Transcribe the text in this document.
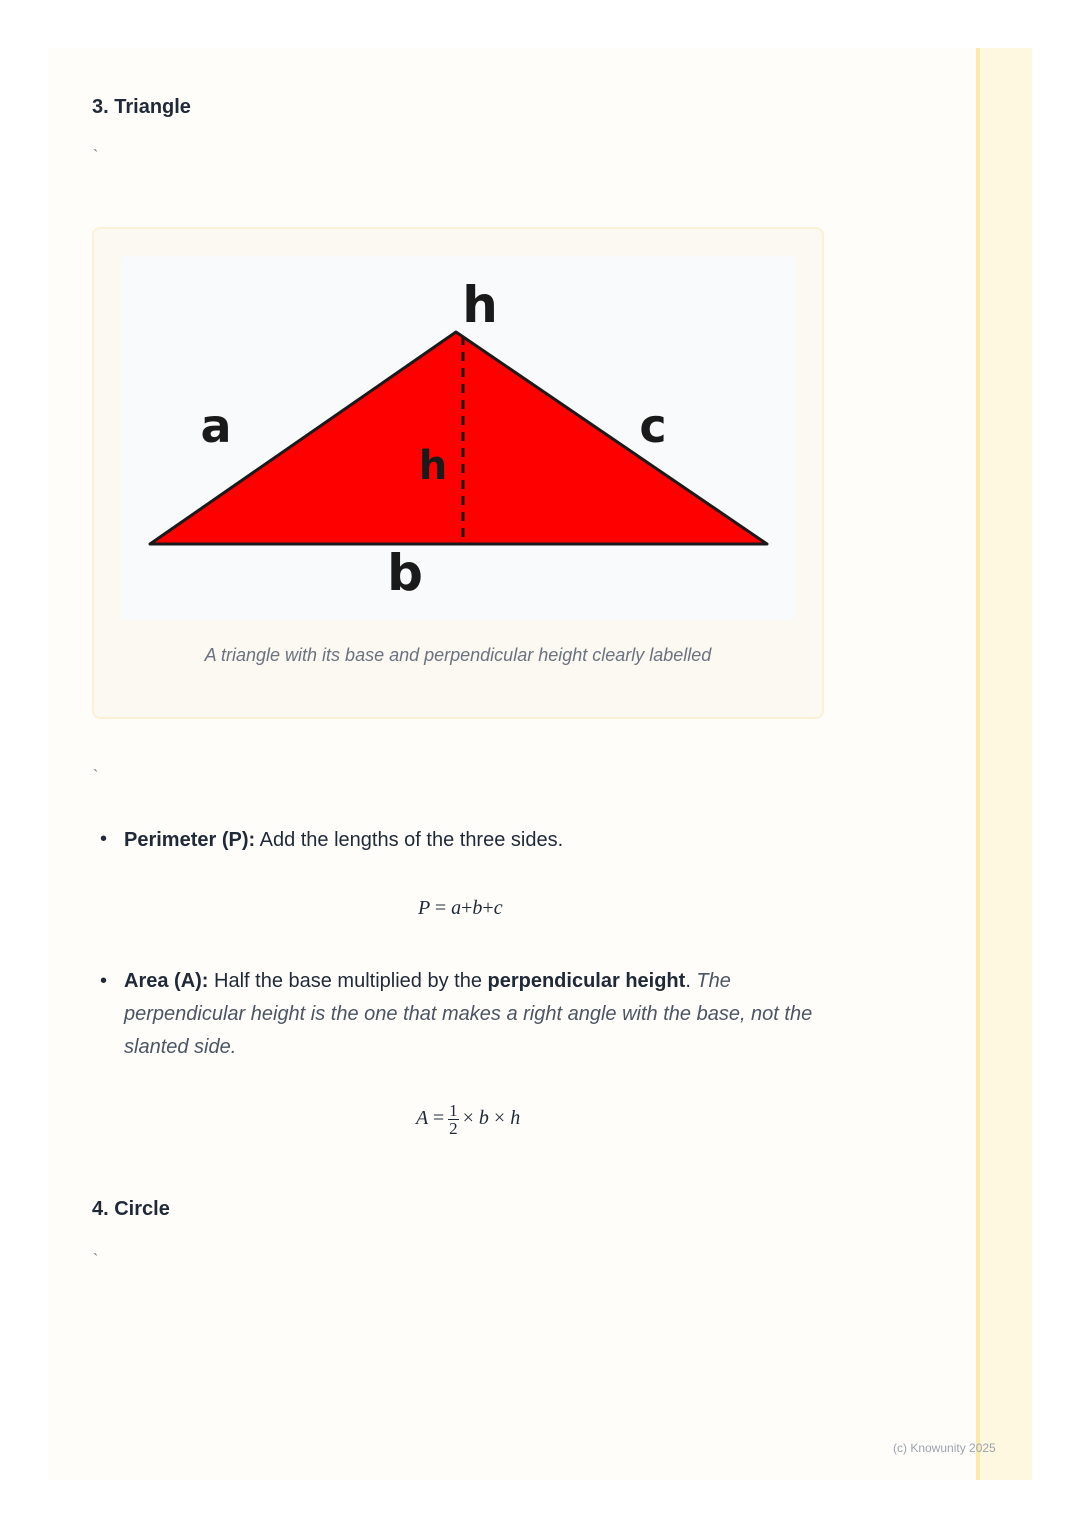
3. Triangle
`
h
a	c
h
b
A triangle with its base and perpendicular height clearly labelled
`
• Perimeter (P): Add the lengths of the three sides.
P = a+b+c
• Area (A): Half the base multiplied by the perpendicular height. The perpendicular height is the one that makes a right angle with the base, not the slanted side.
$A = \frac{1}{2} \times b \times h$
4. Circle
`
(c) Knowunity 2025
